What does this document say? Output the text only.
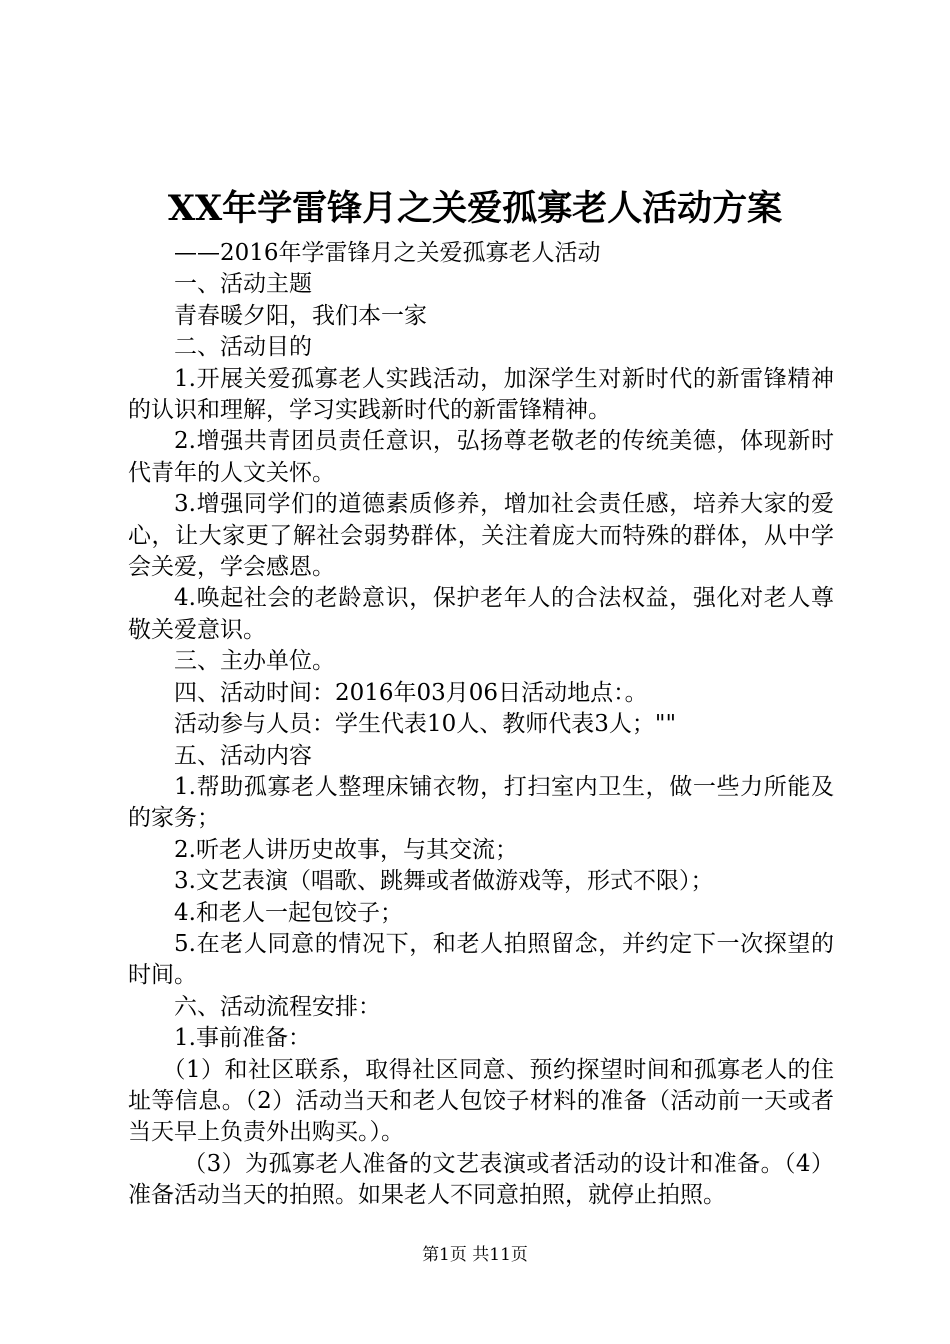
XX年学雷锋月之关爱孤寡老人活动方案

——2016年学雷锋月之关爱孤寡老人活动

一、活动主题

青春暖夕阳，我们本一家

二、活动目的

1.开展关爱孤寡老人实践活动，加深学生对新时代的新雷锋精神的认识和理解，学习实践新时代的新雷锋精神。

2.增强共青团员责任意识，弘扬尊老敬老的传统美德，体现新时代青年的人文关怀。

3.增强同学们的道德素质修养，增加社会责任感，培养大家的爱心，让大家更了解社会弱势群体，关注着庞大而特殊的群体，从中学会关爱，学会感恩。

4.唤起社会的老龄意识，保护老年人的合法权益，强化对老人尊敬关爱意识。

三、主办单位。

四、活动时间：2016年03月06日活动地点：。

活动参与人员：学生代表10人、教师代表3人；""

五、活动内容

1.帮助孤寡老人整理床铺衣物，打扫室内卫生，做一些力所能及的家务；

2.听老人讲历史故事，与其交流；

3.文艺表演（唱歌、跳舞或者做游戏等，形式不限）；

4.和老人一起包饺子；

5.在老人同意的情况下，和老人拍照留念，并约定下一次探望的时间。

六、活动流程安排：

1.事前准备：

（1）和社区联系，取得社区同意、预约探望时间和孤寡老人的住址等信息。（2）活动当天和老人包饺子材料的准备（活动前一天或者当天早上负责外出购买。）。

（3）为孤寡老人准备的文艺表演或者活动的设计和准备。（4）准备活动当天的拍照。如果老人不同意拍照，就停止拍照。

第1页 共11页
